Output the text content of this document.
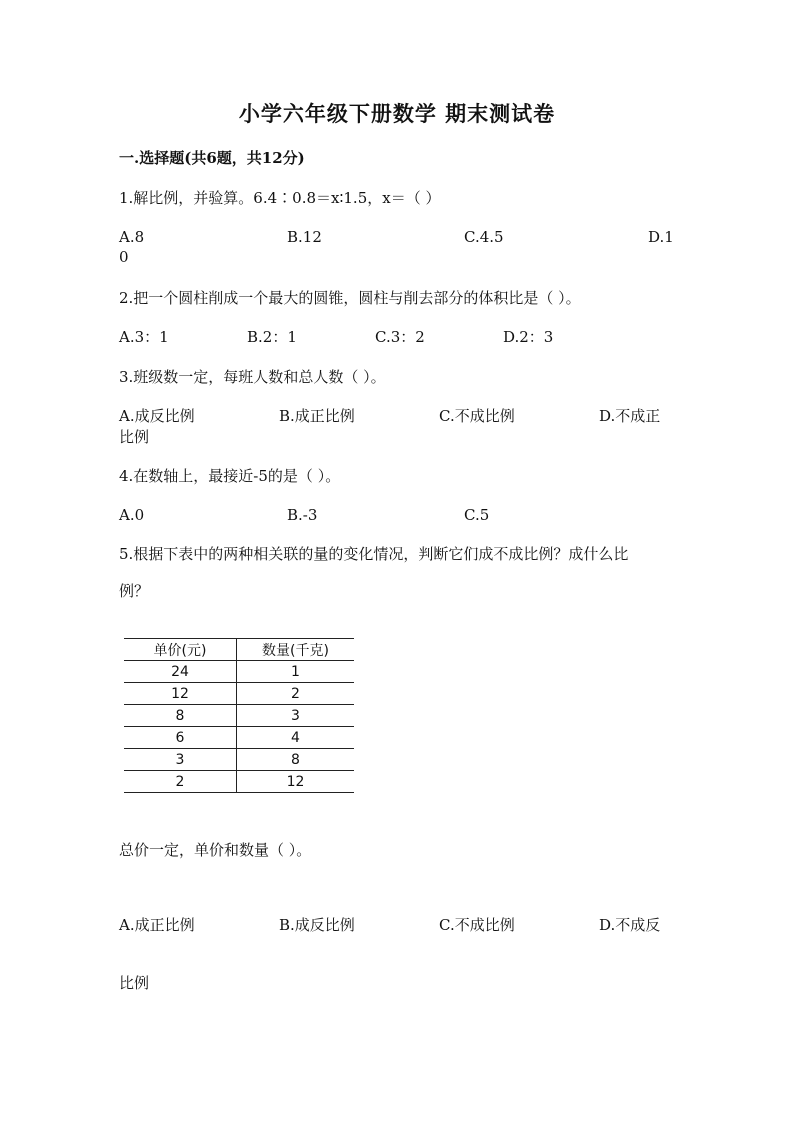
小学六年级下册数学 期末测试卷
一.选择题(共6题，共12分)
1.解比例，并验算。6.4∶0.8＝x∶1.5，x＝（ ）
A.8	B.12	C.4.5	D.1
0
2.把一个圆柱削成一个最大的圆锥，圆柱与削去部分的体积比是（ ）。
A.3：1	B.2：1	C.3：2	D.2：3
3.班级数一定，每班人数和总人数（ ）。
A.成反比例	B.成正比例	C.不成比例	D.不成正
比例
4.在数轴上，最接近-5的是（ ）。
A.0	B.-3	C.5
5.根据下表中的两种相关联的量的变化情况，判断它们成不成比例？成什么比
例？
单价(元)	数量(千克)
24	1
12	2
8	3
6	4
3	8
2	12
总价一定，单价和数量（ ）。
A.成正比例	B.成反比例	C.不成比例	D.不成反
比例
